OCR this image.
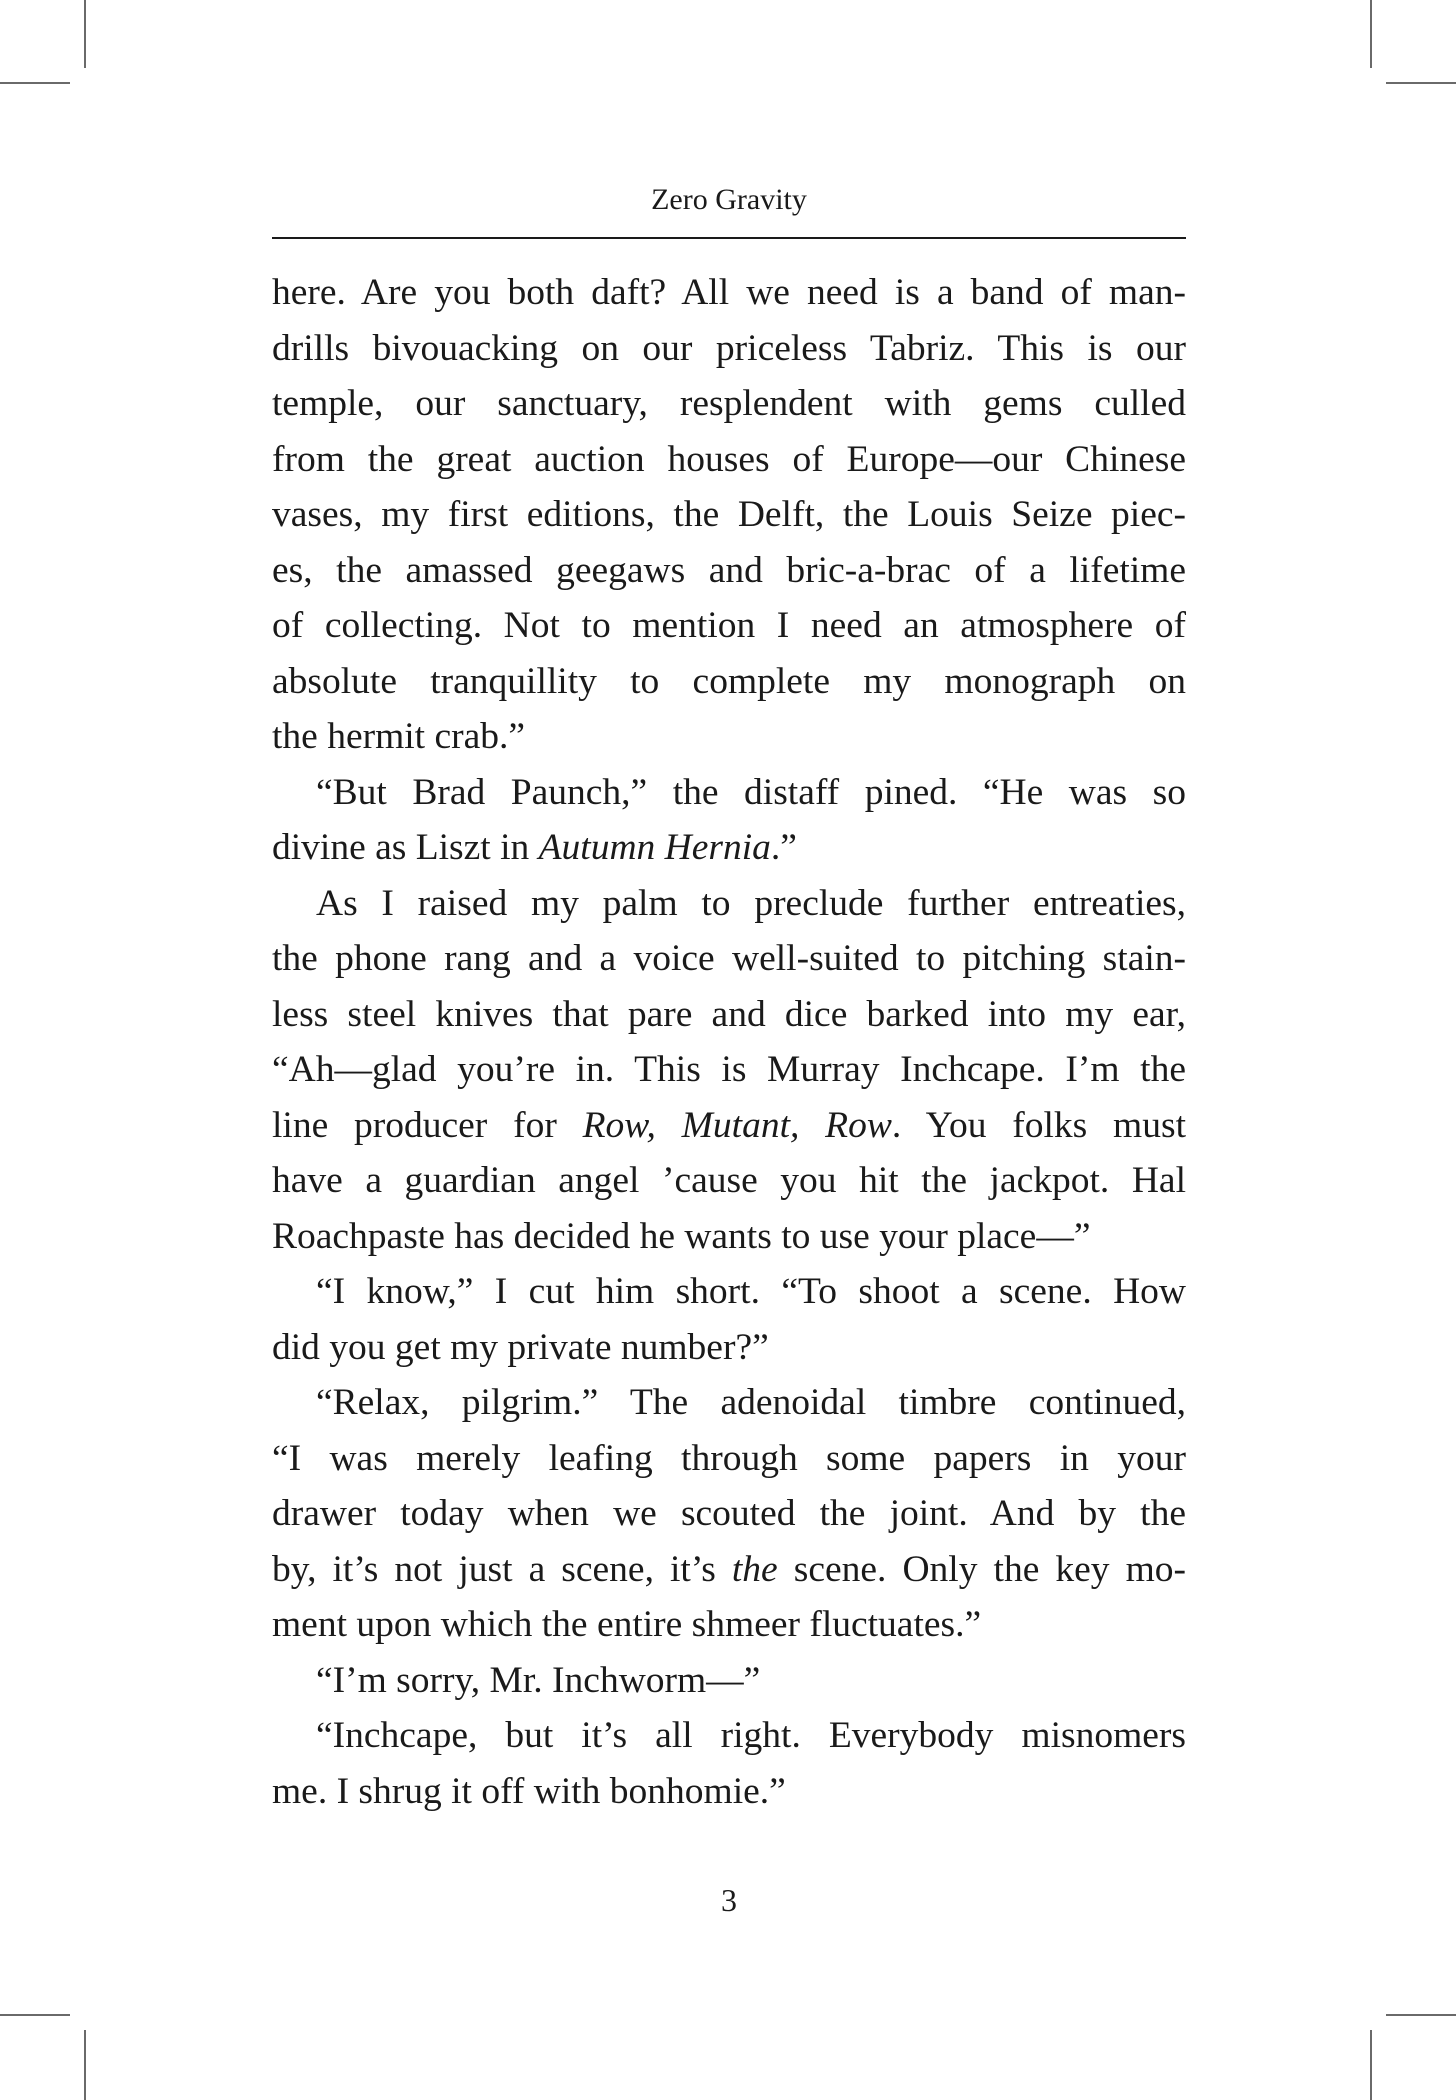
Zero Gravity
here. Are you both daft? All we need is a band of man-
drills bivouacking on our priceless Tabriz. This is our
temple, our sanctuary, resplendent with gems culled
from the great auction houses of Europe—our Chinese
vases, my first editions, the Delft, the Louis Seize piec-
es, the amassed geegaws and bric-a-brac of a lifetime
of collecting. Not to mention I need an atmosphere of
absolute tranquillity to complete my monograph on
the hermit crab.”
“But Brad Paunch,” the distaff pined. “He was so
divine as Liszt in Autumn Hernia.”
As I raised my palm to preclude further entreaties,
the phone rang and a voice well-suited to pitching stain-
less steel knives that pare and dice barked into my ear,
“Ah—glad you’re in. This is Murray Inchcape. I’m the
line producer for Row, Mutant, Row. You folks must
have a guardian angel ’cause you hit the jackpot. Hal
Roachpaste has decided he wants to use your place—”
“I know,” I cut him short. “To shoot a scene. How
did you get my private number?”
“Relax, pilgrim.” The adenoidal timbre continued,
“I was merely leafing through some papers in your
drawer today when we scouted the joint. And by the
by, it’s not just a scene, it’s the scene. Only the key mo-
ment upon which the entire shmeer fluctuates.”
“I’m sorry, Mr. Inchworm—”
“Inchcape, but it’s all right. Everybody misnomers
me. I shrug it off with bonhomie.”
3
